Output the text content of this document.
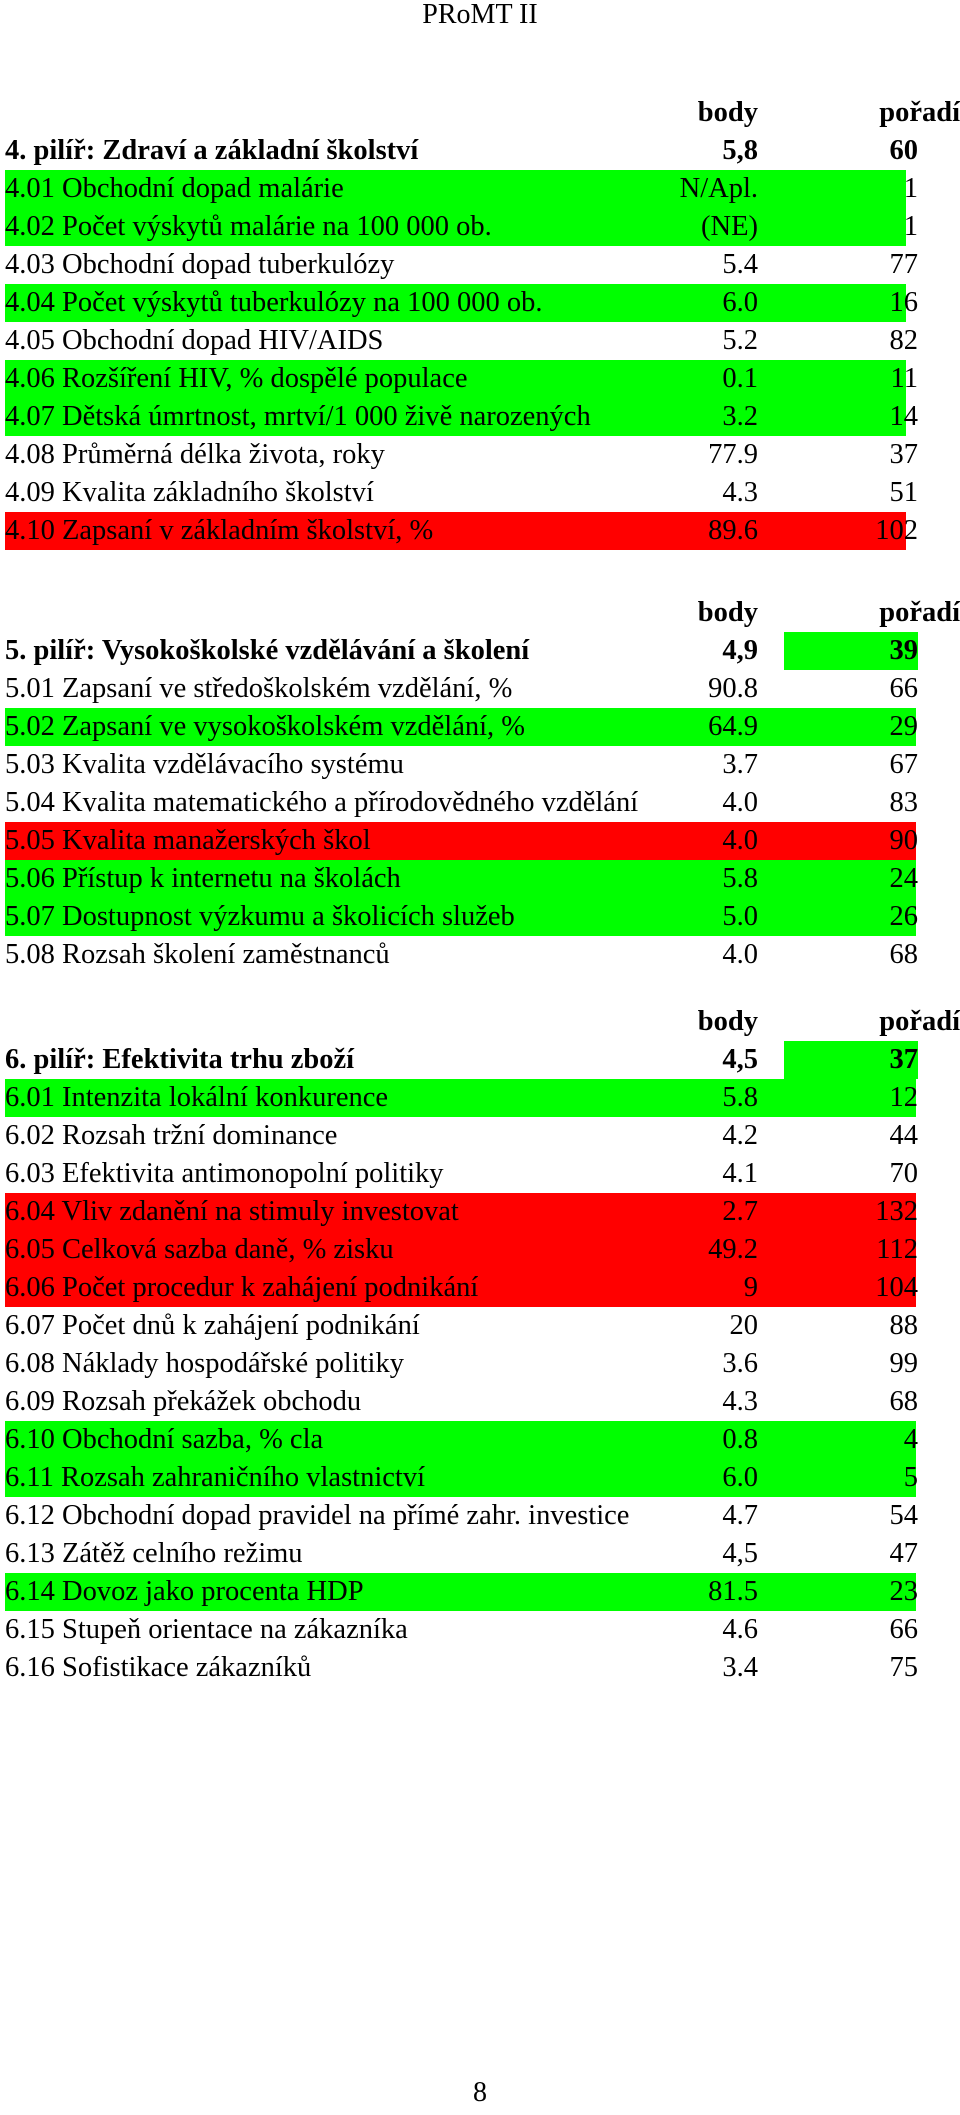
PRoMT II
body	pořadí
4. pilíř: Zdraví a základní školství	5,8	60
4.01 Obchodní dopad malárie	N/Apl.	1
4.02 Počet výskytů malárie na 100 000 ob.	(NE)	1
4.03 Obchodní dopad tuberkulózy	5.4	77
4.04 Počet výskytů tuberkulózy na 100 000 ob.	6.0	16
4.05 Obchodní dopad HIV/AIDS	5.2	82
4.06 Rozšíření HIV, % dospělé populace	0.1	11
4.07 Dětská úmrtnost, mrtví/1 000 živě narozených	3.2	14
4.08 Průměrná délka života, roky	77.9	37
4.09 Kvalita základního školství	4.3	51
4.10 Zapsaní v základním školství, %	89.6	102
body	pořadí
5. pilíř: Vysokoškolské vzdělávání a školení	4,9	39
5.01 Zapsaní ve středoškolském vzdělání, %	90.8	66
5.02 Zapsaní ve vysokoškolském vzdělání, %	64.9	29
5.03 Kvalita vzdělávacího systému	3.7	67
5.04 Kvalita matematického a přírodovědného vzdělání	4.0	83
5.05 Kvalita manažerských škol	4.0	90
5.06 Přístup k internetu na školách	5.8	24
5.07 Dostupnost výzkumu a školicích služeb	5.0	26
5.08 Rozsah školení zaměstnanců	4.0	68
body	pořadí
6. pilíř: Efektivita trhu zboží	4,5	37
6.01 Intenzita lokální konkurence	5.8	12
6.02 Rozsah tržní dominance	4.2	44
6.03 Efektivita antimonopolní politiky	4.1	70
6.04 Vliv zdanění na stimuly investovat	2.7	132
6.05 Celková sazba daně, % zisku	49.2	112
6.06 Počet procedur k zahájení podnikání	9	104
6.07 Počet dnů k zahájení podnikání	20	88
6.08 Náklady hospodářské politiky	3.6	99
6.09 Rozsah překážek obchodu	4.3	68
6.10 Obchodní sazba, % cla	0.8	4
6.11 Rozsah zahraničního vlastnictví	6.0	5
6.12 Obchodní dopad pravidel na přímé zahr. investice	4.7	54
6.13 Zátěž celního režimu	4,5	47
6.14 Dovoz jako procenta HDP	81.5	23
6.15 Stupeň orientace na zákazníka	4.6	66
6.16 Sofistikace zákazníků	3.4	75
8
